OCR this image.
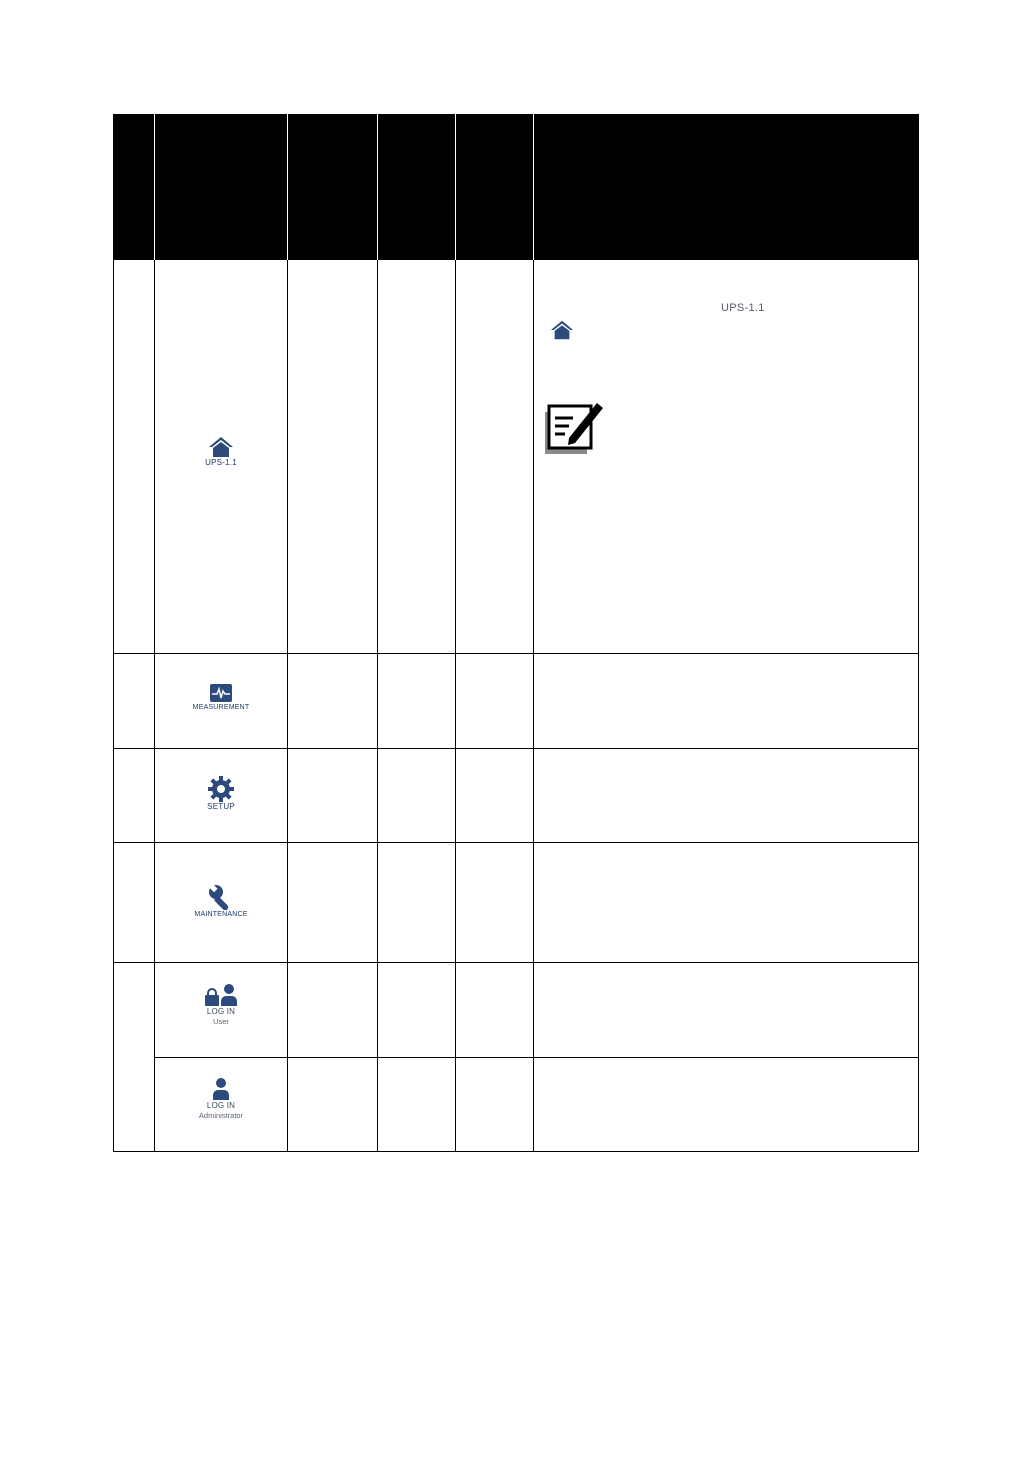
UPS-1.1
UPS-1.1
MEASUREMENT
SETUP
MAINTENANCE
LOG IN
User
LOG IN
Administrator
